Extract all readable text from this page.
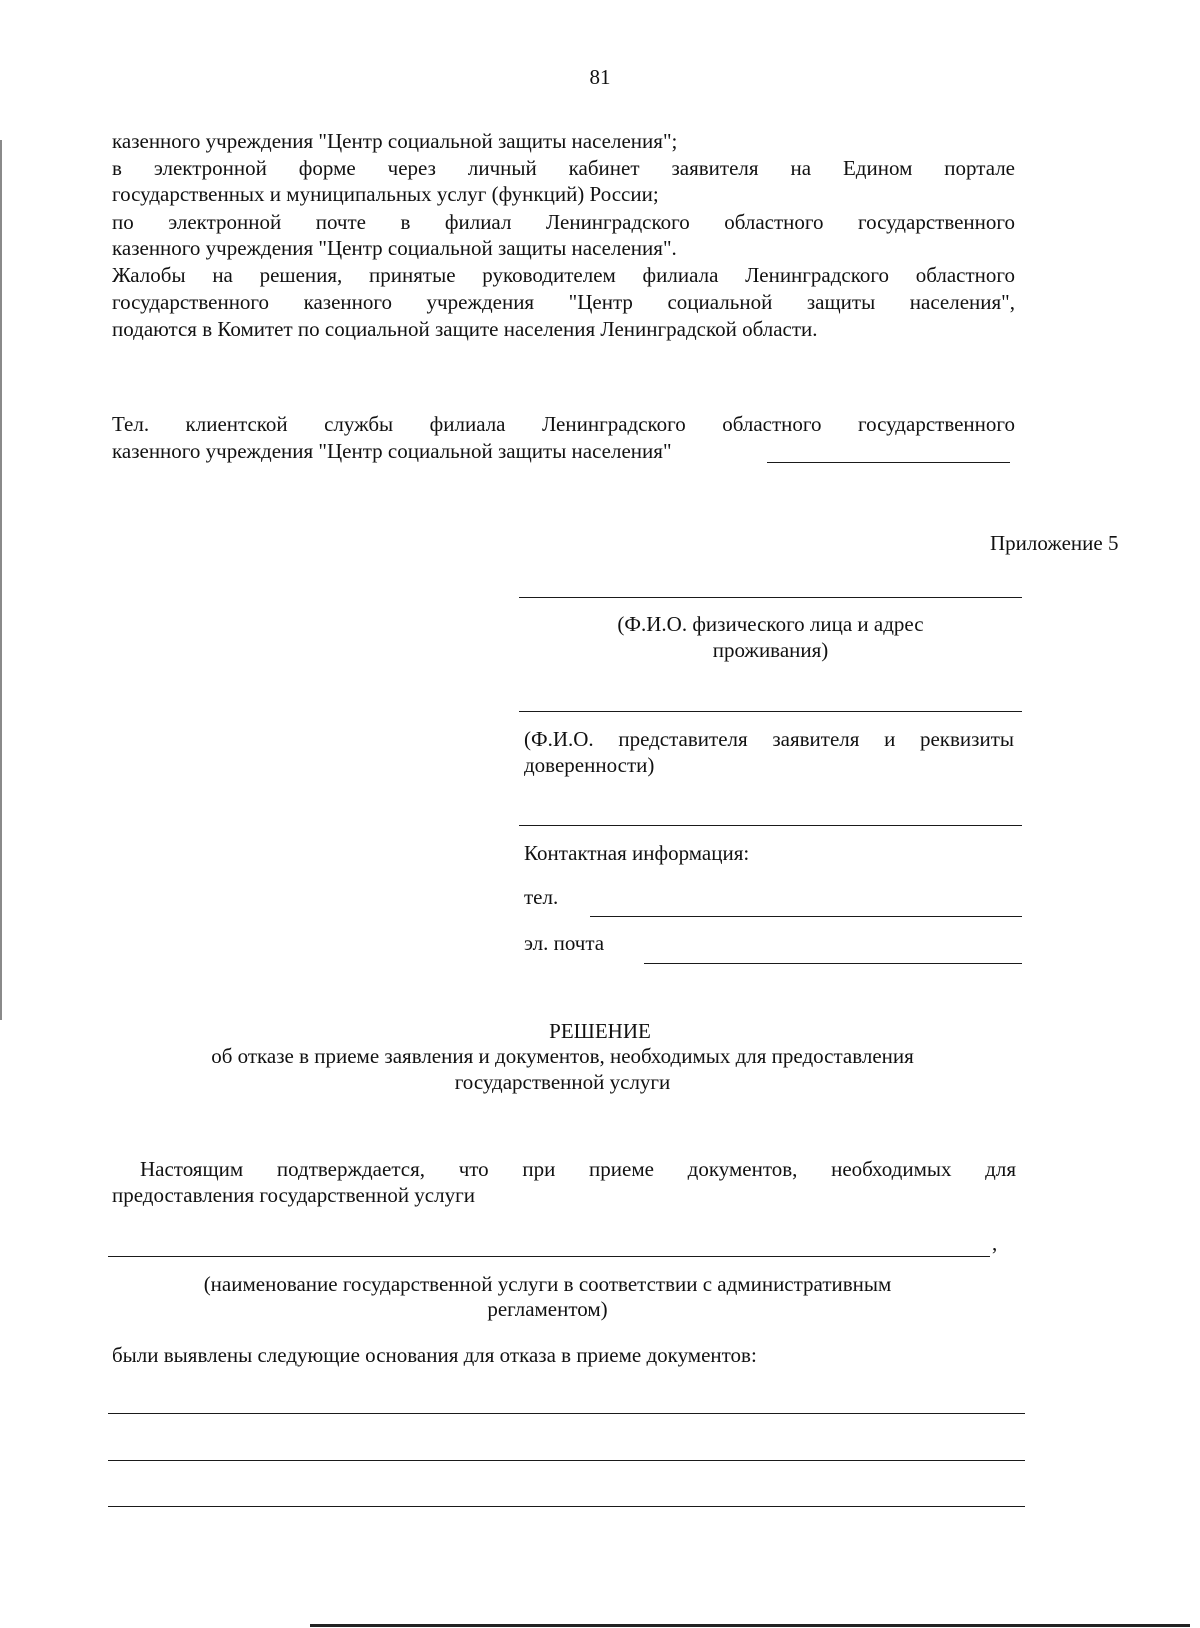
81
казенного учреждения "Центр социальной защиты населения";
в электронной форме через личный кабинет заявителя на Едином портале
государственных и муниципальных услуг (функций) России;
по электронной почте в филиал Ленинградского областного государственного
казенного учреждения "Центр социальной защиты населения".
Жалобы на решения, принятые руководителем филиала Ленинградского областного
государственного казенного учреждения "Центр социальной защиты населения",
подаются в Комитет по социальной защите населения Ленинградской области.
Тел. клиентской службы филиала Ленинградского областного государственного
казенного учреждения "Центр социальной защиты населения"
Приложение 5
(Ф.И.О. физического лица и адрес
проживания)
(Ф.И.О. представителя заявителя и реквизиты
доверенности)
Контактная информация:
тел.
эл. почта
РЕШЕНИЕ
об отказе в приеме заявления и документов, необходимых для предоставления
государственной услуги
Настоящим подтверждается, что при приеме документов, необходимых для
предоставления государственной услуги
,
(наименование государственной услуги в соответствии с административным
регламентом)
были выявлены следующие основания для отказа в приеме документов:
